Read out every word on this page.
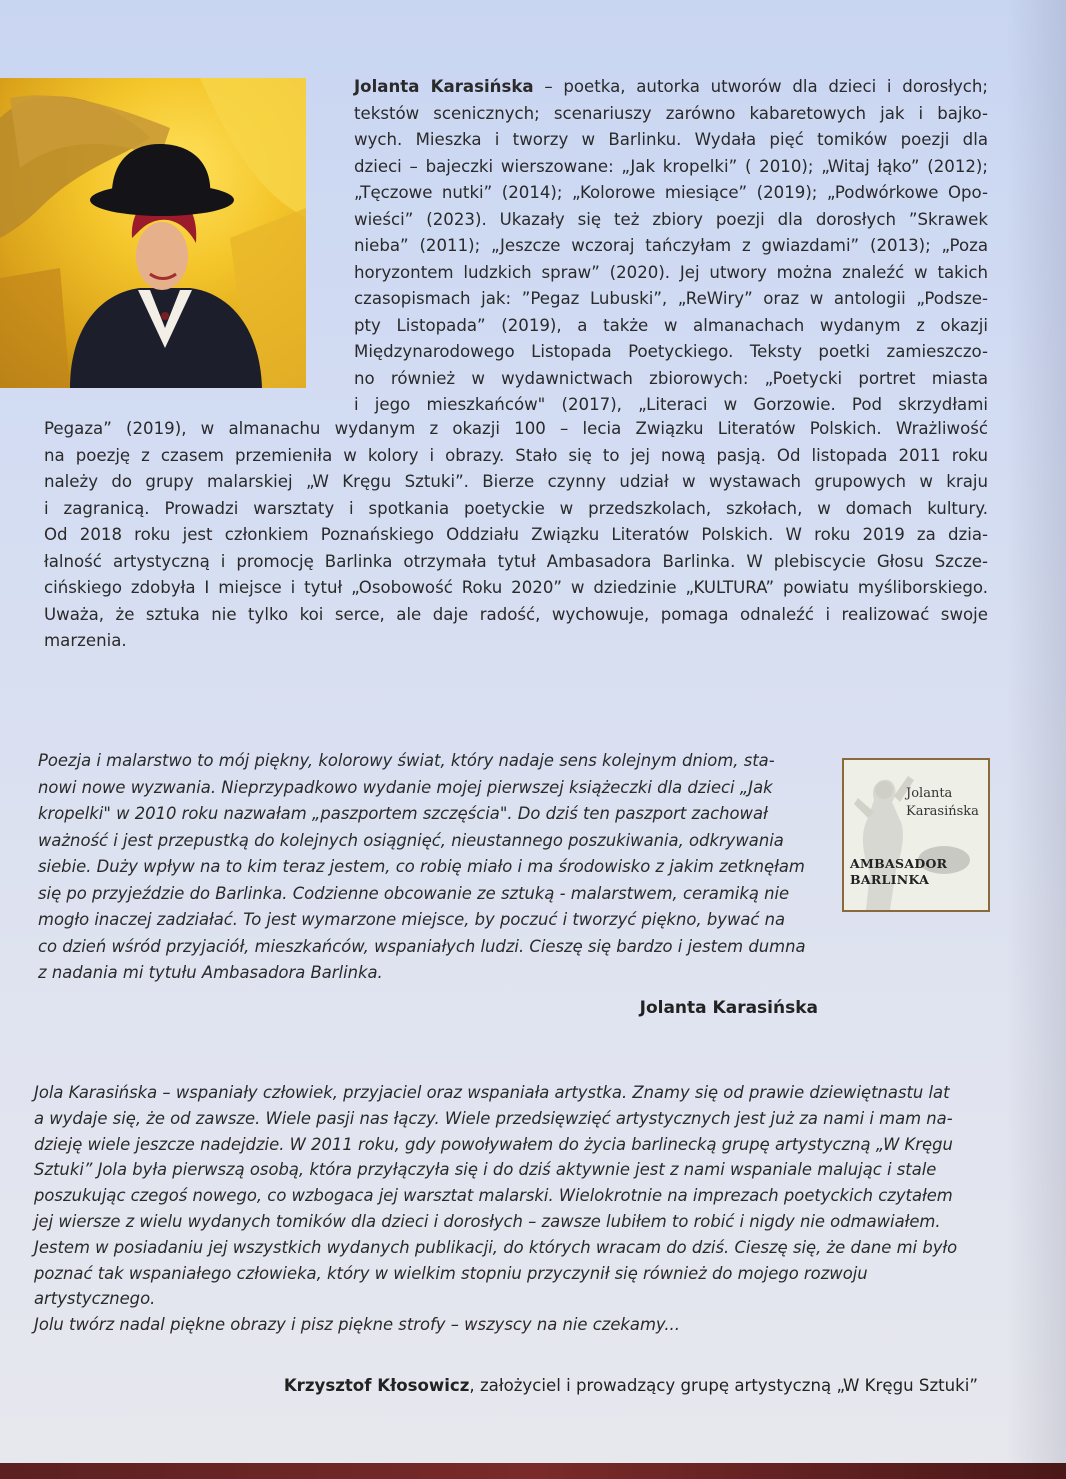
Jolanta Karasińska – poetka, autorka utworów dla dzieci i dorosłych;
tekstów scenicznych; scenariuszy zarówno kabaretowych jak i bajko-
wych. Mieszka i tworzy w Barlinku. Wydała pięć tomików poezji dla
dzieci – bajeczki wierszowane: „Jak kropelki” ( 2010); „Witaj łąko” (2012);
„Tęczowe nutki” (2014); „Kolorowe miesiące” (2019); „Podwórkowe Opo-
wieści” (2023). Ukazały się też zbiory poezji dla dorosłych ”Skrawek
nieba” (2011); „Jeszcze wczoraj tańczyłam z gwiazdami” (2013); „Poza
horyzontem ludzkich spraw” (2020). Jej utwory można znaleźć w takich
czasopismach jak: ”Pegaz Lubuski”, „ReWiry” oraz w antologii „Podsze-
pty Listopada” (2019), a także w almanachach wydanym z okazji
Międzynarodowego Listopada Poetyckiego. Teksty poetki zamieszczo-
no również w wydawnictwach zbiorowych: „Poetycki portret miasta
i jego mieszkańców" (2017), „Literaci w Gorzowie. Pod skrzydłami
Pegaza” (2019), w almanachu wydanym z okazji 100 – lecia Związku Literatów Polskich. Wrażliwość
na poezję z czasem przemieniła w kolory i obrazy. Stało się to jej nową pasją. Od listopada 2011 roku
należy do grupy malarskiej „W Kręgu Sztuki”. Bierze czynny udział w wystawach grupowych w kraju
i zagranicą. Prowadzi warsztaty i spotkania poetyckie w przedszkolach, szkołach, w domach kultury.
Od 2018 roku jest członkiem Poznańskiego Oddziału Związku Literatów Polskich. W roku 2019 za dzia-
łalność artystyczną i promocję Barlinka otrzymała tytuł Ambasadora Barlinka. W plebiscycie Głosu Szcze-
cińskiego zdobyła I miejsce i tytuł „Osobowość Roku 2020” w dziedzinie „KULTURA” powiatu myśliborskiego.
Uważa, że sztuka nie tylko koi serce, ale daje radość, wychowuje, pomaga odnaleźć i realizować swoje
marzenia.
Poezja i malarstwo to mój piękny, kolorowy świat, który nadaje sens kolejnym dniom, sta-
nowi nowe wyzwania. Nieprzypadkowo wydanie mojej pierwszej książeczki dla dzieci „Jak
kropelki" w 2010 roku nazwałam „paszportem szczęścia". Do dziś ten paszport zachował
ważność i jest przepustką do kolejnych osiągnięć, nieustannego poszukiwania, odkrywania
siebie. Duży wpływ na to kim teraz jestem, co robię miało i ma środowisko z jakim zetknęłam
się po przyjeździe do Barlinka. Codzienne obcowanie ze sztuką - malarstwem, ceramiką nie
mogło inaczej zadziałać. To jest wymarzone miejsce, by poczuć i tworzyć piękno, bywać na
co dzień wśród przyjaciół, mieszkańców, wspaniałych ludzi. Cieszę się bardzo i jestem dumna
z nadania mi tytułu Ambasadora Barlinka.
Jolanta Karasińska
Jolanta
Karasińska
AMBASADOR
BARLINKA
Jola Karasińska – wspaniały człowiek, przyjaciel oraz wspaniała artystka. Znamy się od prawie dziewiętnastu lat
a wydaje się, że od zawsze. Wiele pasji nas łączy. Wiele przedsięwzięć artystycznych jest już za nami i mam na-
dzieję wiele jeszcze nadejdzie. W 2011 roku, gdy powoływałem do życia barlinecką grupę artystyczną „W Kręgu
Sztuki” Jola była pierwszą osobą, która przyłączyła się i do dziś aktywnie jest z nami wspaniale malując i stale
poszukując czegoś nowego, co wzbogaca jej warsztat malarski. Wielokrotnie na imprezach poetyckich czytałem
jej wiersze z wielu wydanych tomików dla dzieci i dorosłych – zawsze lubiłem to robić i nigdy nie odmawiałem.
Jestem w posiadaniu jej wszystkich wydanych publikacji, do których wracam do dziś. Cieszę się, że dane mi było
poznać tak wspaniałego człowieka, który w wielkim stopniu przyczynił się również do mojego rozwoju
artystycznego.
Jolu twórz nadal piękne obrazy i pisz piękne strofy – wszyscy na nie czekamy...
Krzysztof Kłosowicz, założyciel i prowadzący grupę artystyczną „W Kręgu Sztuki”
